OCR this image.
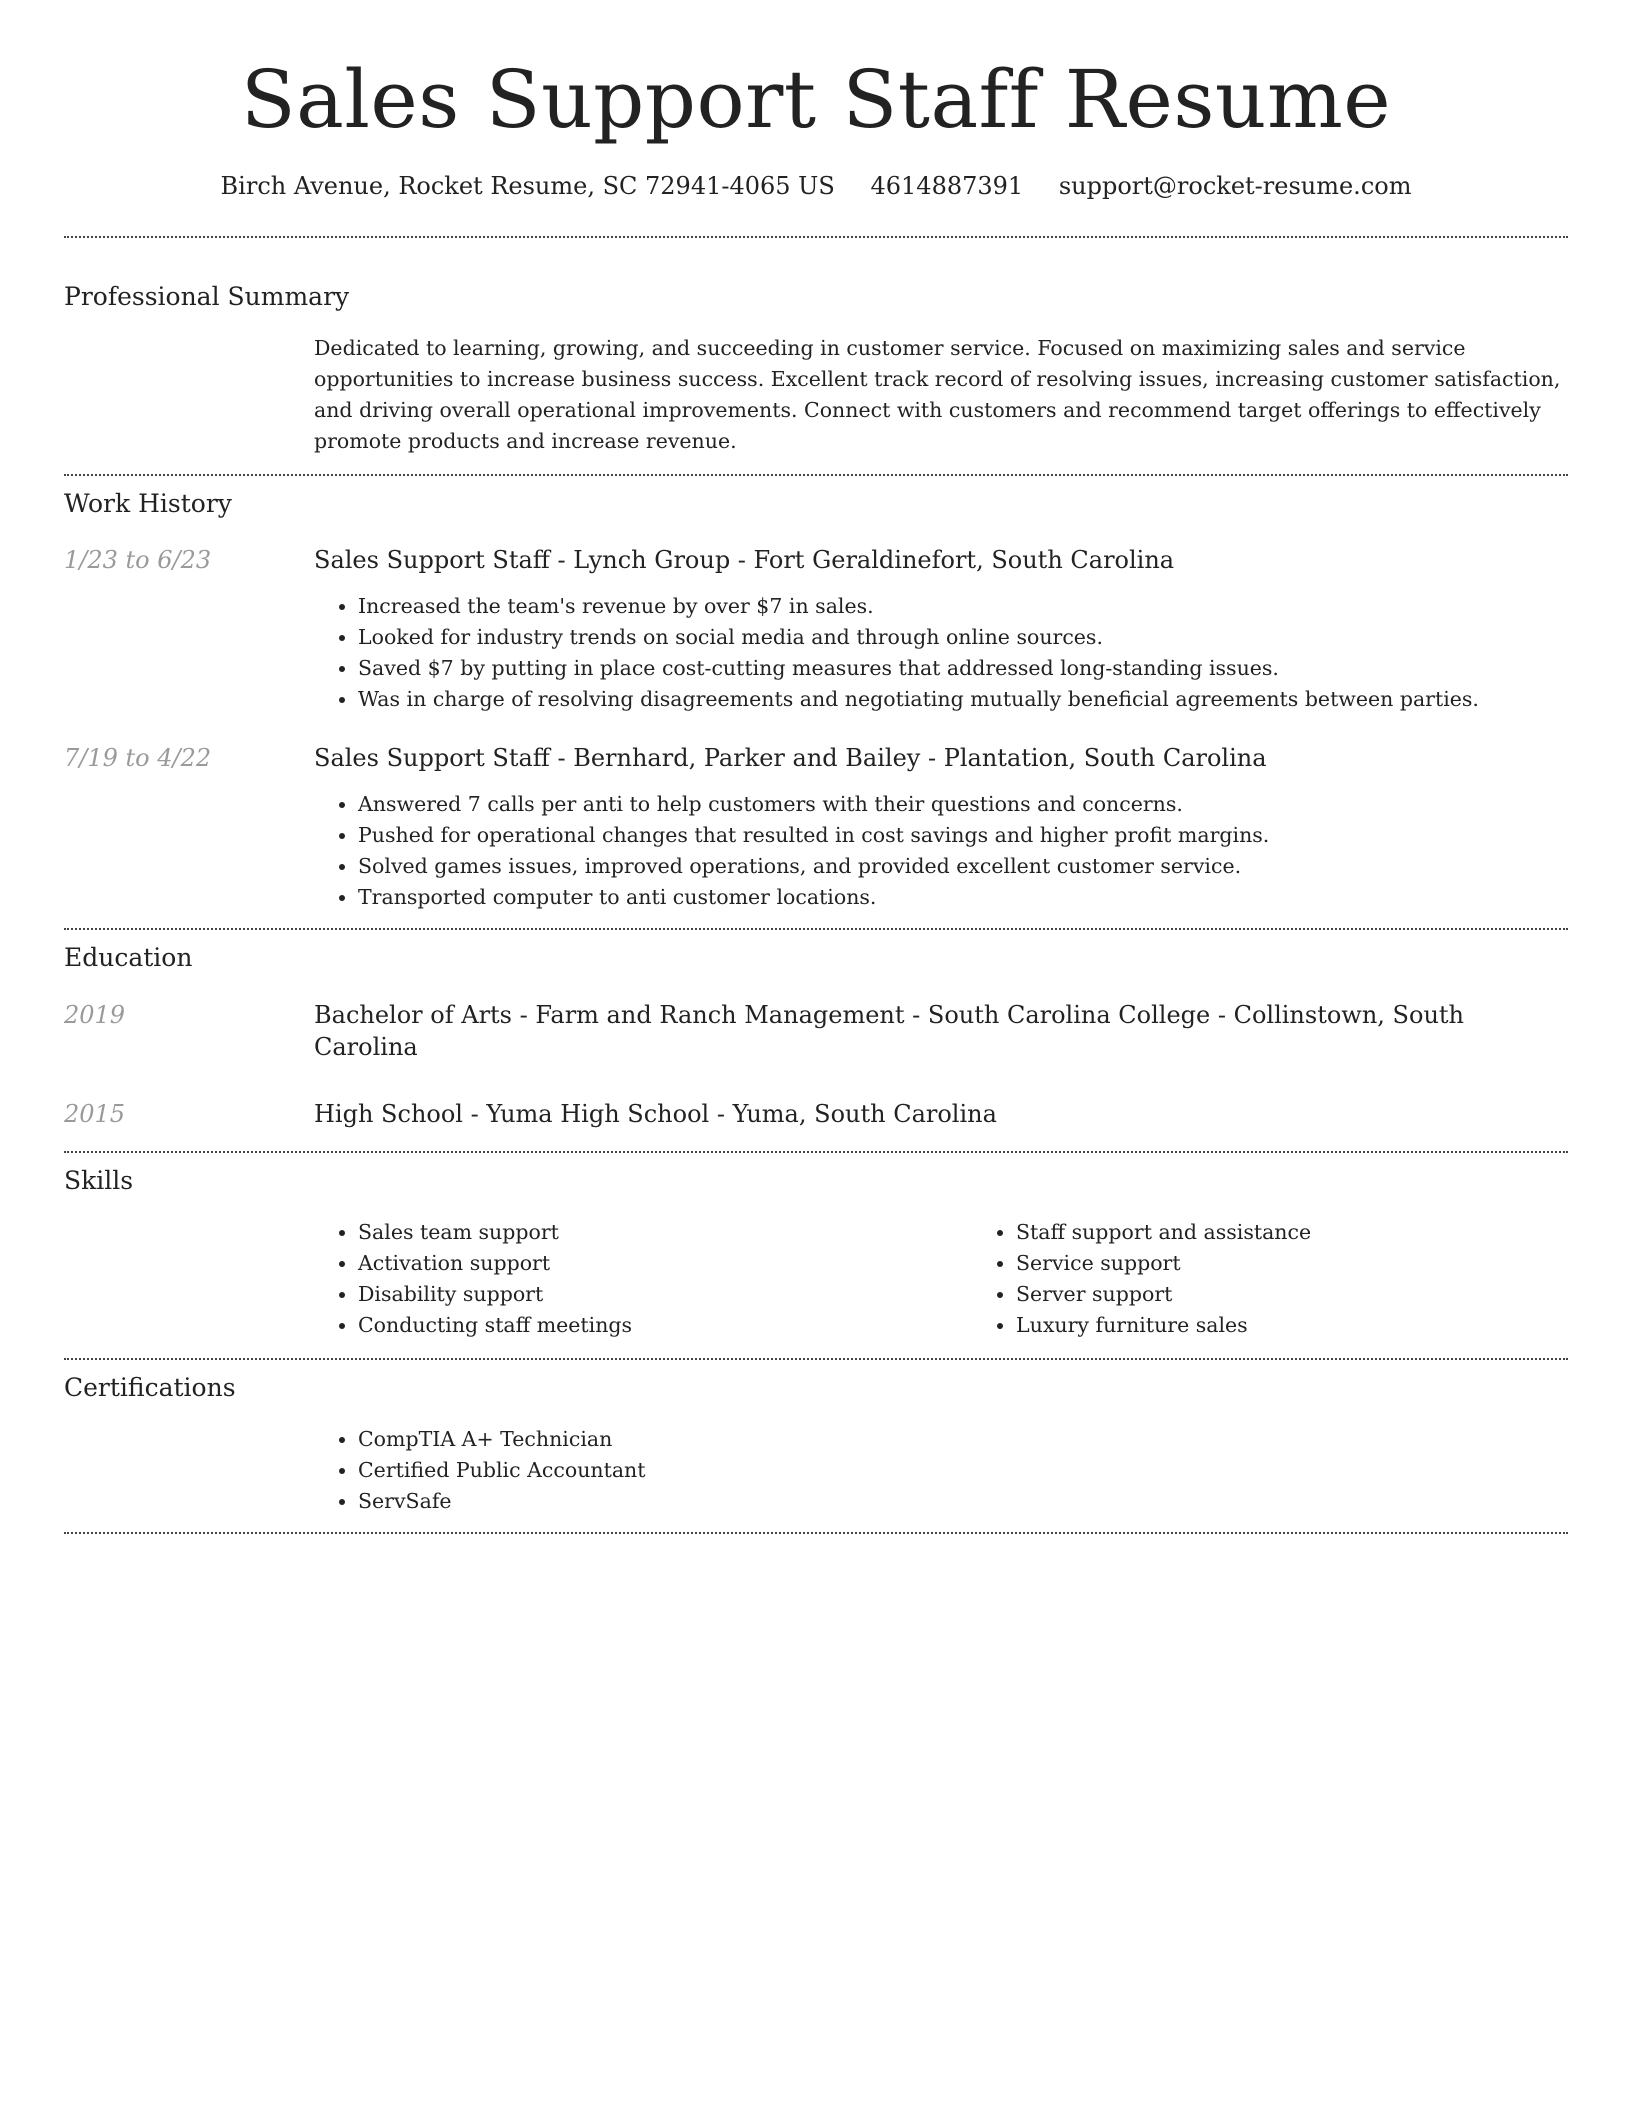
Sales Support Staff Resume
Birch Avenue, Rocket Resume, SC 72941-4065 US 4614887391 support@rocket-resume.com
Professional Summary
Dedicated to learning, growing, and succeeding in customer service. Focused on maximizing sales and service opportunities to increase business success. Excellent track record of resolving issues, increasing customer satisfaction, and driving overall operational improvements. Connect with customers and recommend target offerings to effectively promote products and increase revenue.
Work History
1/23 to 6/23	Sales Support Staff - Lynch Group - Fort Geraldinefort, South Carolina
• Increased the team's revenue by over $7 in sales.
• Looked for industry trends on social media and through online sources.
• Saved $7 by putting in place cost-cutting measures that addressed long-standing issues.
• Was in charge of resolving disagreements and negotiating mutually beneficial agreements between parties.
7/19 to 4/22	Sales Support Staff - Bernhard, Parker and Bailey - Plantation, South Carolina
• Answered 7 calls per anti to help customers with their questions and concerns.
• Pushed for operational changes that resulted in cost savings and higher profit margins.
• Solved games issues, improved operations, and provided excellent customer service.
• Transported computer to anti customer locations.
Education
2019	Bachelor of Arts - Farm and Ranch Management - South Carolina College - Collinstown, South Carolina
2015	High School - Yuma High School - Yuma, South Carolina
Skills
• Sales team support
• Activation support
• Disability support
• Conducting staff meetings
• Staff support and assistance
• Service support
• Server support
• Luxury furniture sales
Certifications
• CompTIA A+ Technician
• Certified Public Accountant
• ServSafe
